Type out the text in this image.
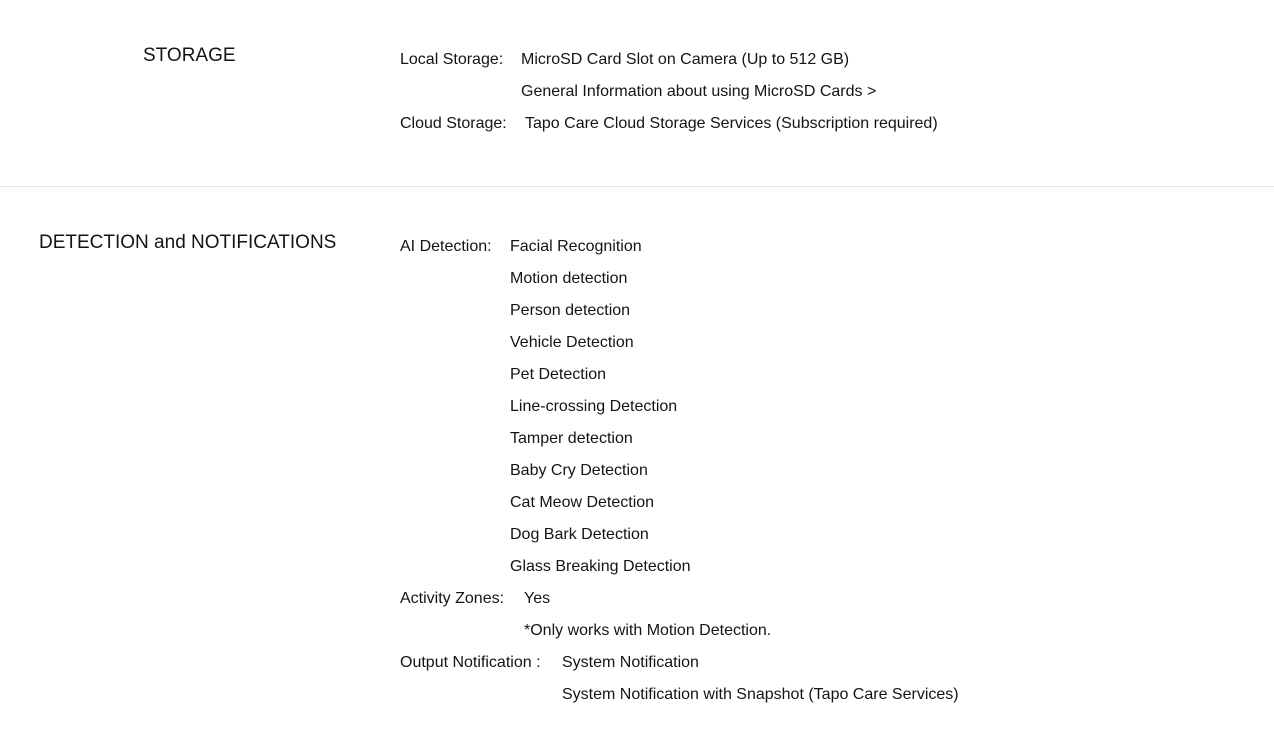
STORAGE	Local Storage:	MicroSD Card Slot on Camera (Up to 512 GB)
General Information about using MicroSD Cards >
Cloud Storage:	Tapo Care Cloud Storage Services (Subscription required)
DETECTION and NOTIFICATIONS	AI Detection:	Facial Recognition
Motion detection
Person detection
Vehicle Detection
Pet Detection
Line-crossing Detection
Tamper detection
Baby Cry Detection
Cat Meow Detection
Dog Bark Detection
Glass Breaking Detection
Activity Zones:	Yes
*Only works with Motion Detection.
Output Notification :	System Notification
System Notification with Snapshot (Tapo Care Services)
